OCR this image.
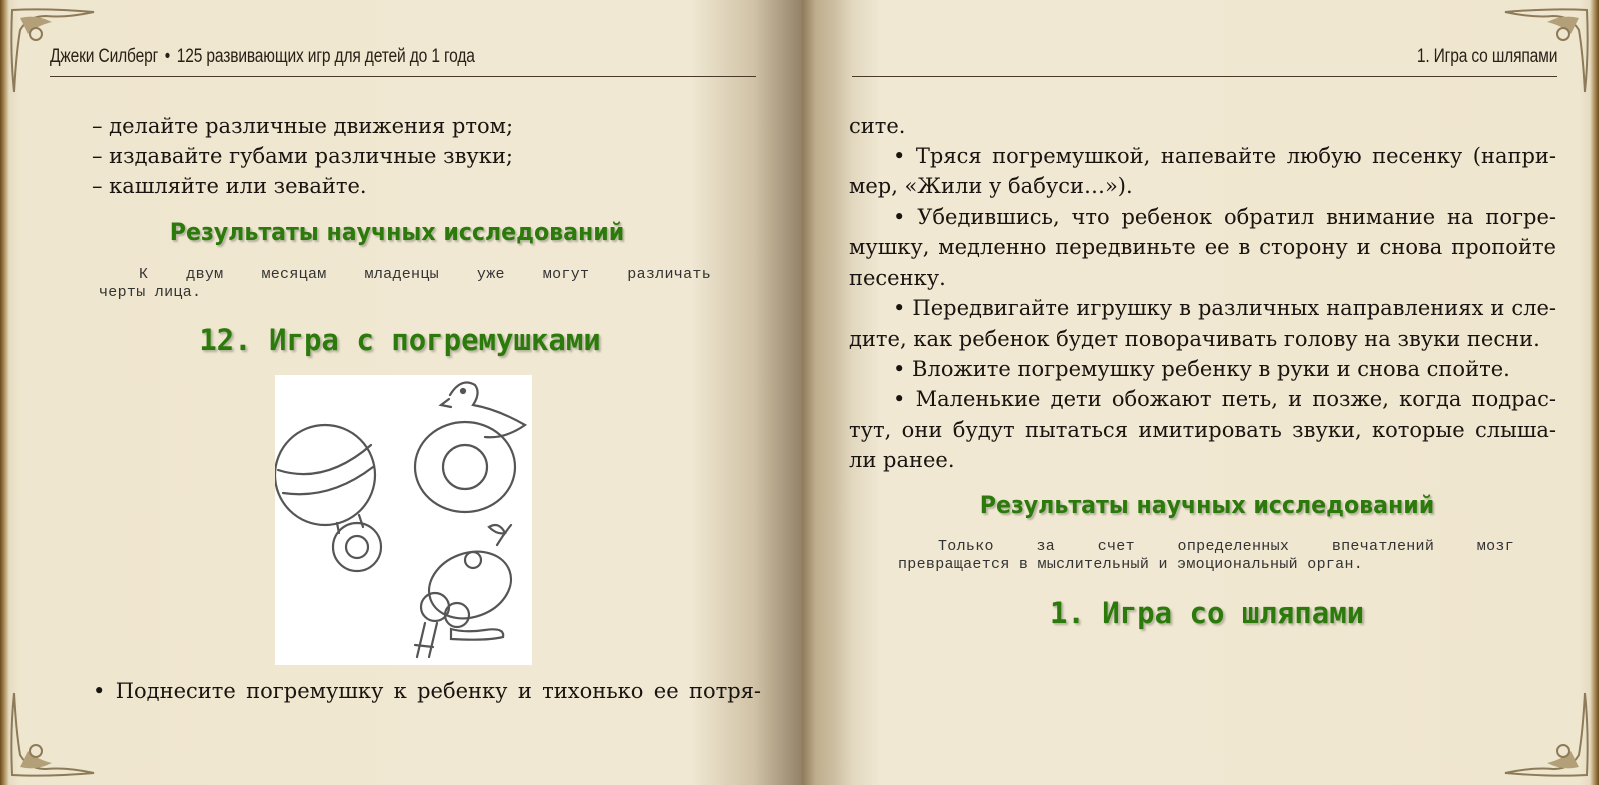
Джеки Силберг • 125 развивающих игр для детей до 1 года
– делайте различные движения ртом;
– издавайте губами различные звуки;
– кашляйте или зевайте.
Результаты научных исследований
К двум месяцам младенцы уже могут различать
черты лица.
12. Игра с погремушками
• Поднесите погремушку к ребенку и тихонько ее потря-
1. Игра со шляпами
сите.
• Тряся погремушкой, напевайте любую песенку (напри-
мер, «Жили у бабуси…»).
• Убедившись, что ребенок обратил внимание на погре-
мушку, медленно передвиньте ее в сторону и снова пропойте
песенку.
• Передвигайте игрушку в различных направлениях и сле-
дите, как ребенок будет поворачивать голову на звуки песни.
• Вложите погремушку ребенку в руки и снова спойте.
• Маленькие дети обожают петь, и позже, когда подрас-
тут, они будут пытаться имитировать звуки, которые слыша-
ли ранее.
Результаты научных исследований
Только за счет определенных впечатлений мозг
превращается в мыслительный и эмоциональный орган.
1. Игра со шляпами
